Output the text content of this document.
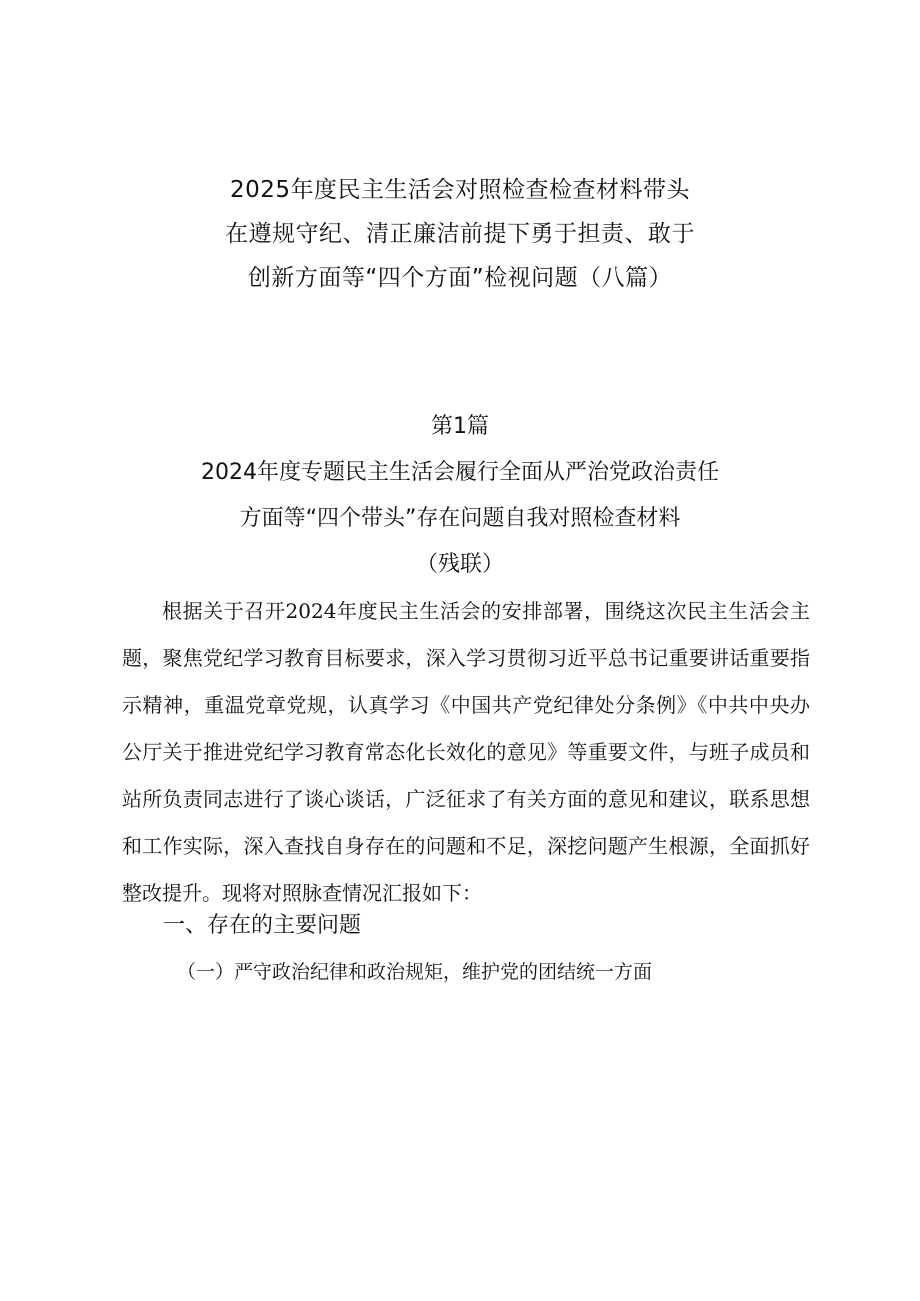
2025年度民主生活会对照检查检查材料带头
在遵规守纪、清正廉洁前提下勇于担责、敢于
创新方面等“四个方面”检视问题（八篇）
第1篇
2024年度专题民主生活会履行全面从严治党政治责任
方面等“四个带头”存在问题自我对照检查材料
（残联）

根据关于召开2024年度民主生活会的安排部署，围绕这次民主生活会主题，聚焦党纪学习教育目标要求，深入学习贯彻习近平总书记重要讲话重要指示精神，重温党章党规，认真学习《中国共产党纪律处分条例》《中共中央办公厅关于推进党纪学习教育常态化长效化的意见》等重要文件，与班子成员和站所负责同志进行了谈心谈话，广泛征求了有关方面的意见和建议，联系思想和工作实际，深入查找自身存在的问题和不足，深挖问题产生根源，全面抓好整改提升。现将对照脉查情况汇报如下：

一、存在的主要问题
（一）严守政治纪律和政治规矩，维护党的团结统一方面
